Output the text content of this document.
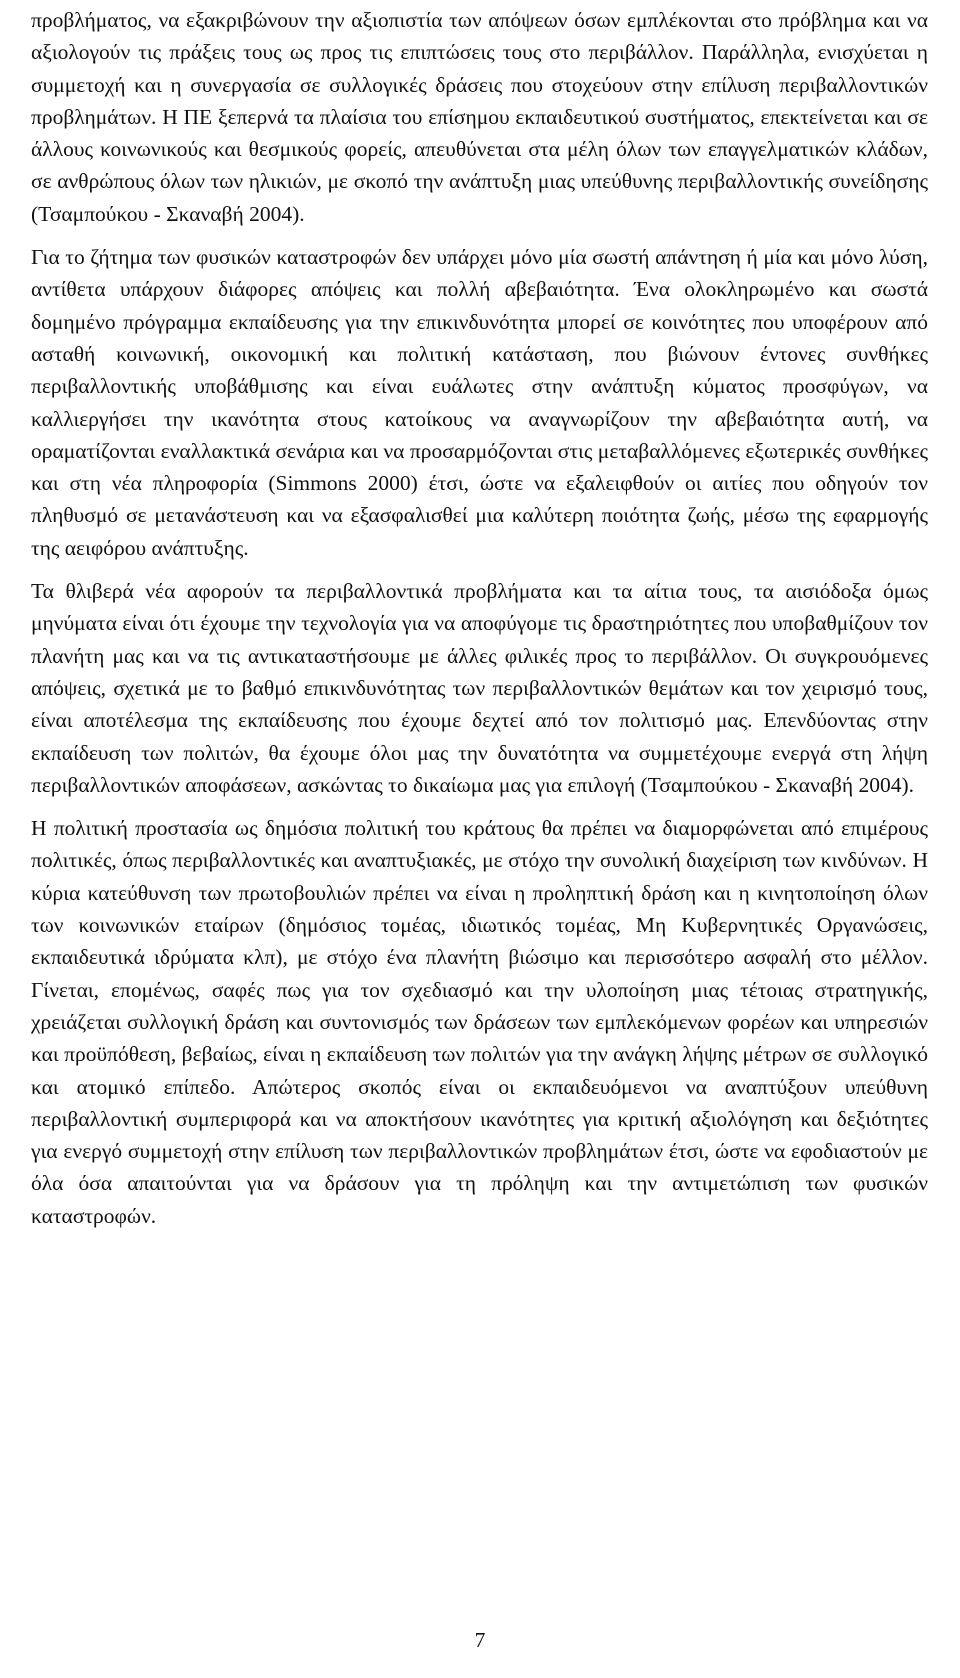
προβλήματος, να εξακριβώνουν την αξιοπιστία των απόψεων όσων εμπλέκονται στο πρόβλημα και να αξιολογούν τις πράξεις τους ως προς τις επιπτώσεις τους στο περιβάλλον. Παράλληλα, ενισχύεται η συμμετοχή και η συνεργασία σε συλλογικές δράσεις που στοχεύουν στην επίλυση περιβαλλοντικών προβλημάτων. Η ΠΕ ξεπερνά τα πλαίσια του επίσημου εκπαιδευτικού συστήματος, επεκτείνεται και σε άλλους κοινωνικούς και θεσμικούς φορείς, απευθύνεται στα μέλη όλων των επαγγελματικών κλάδων, σε ανθρώπους όλων των ηλικιών, με σκοπό την ανάπτυξη μιας υπεύθυνης περιβαλλοντικής συνείδησης (Τσαμπούκου - Σκαναβή 2004).

Για το ζήτημα των φυσικών καταστροφών δεν υπάρχει μόνο μία σωστή απάντηση ή μία και μόνο λύση, αντίθετα υπάρχουν διάφορες απόψεις και πολλή αβεβαιότητα. Ένα ολοκληρωμένο και σωστά δομημένο πρόγραμμα εκπαίδευσης για την επικινδυνότητα μπορεί σε κοινότητες που υποφέρουν από ασταθή κοινωνική, οικονομική και πολιτική κατάσταση, που βιώνουν έντονες συνθήκες περιβαλλοντικής υποβάθμισης και είναι ευάλωτες στην ανάπτυξη κύματος προσφύγων, να καλλιεργήσει την ικανότητα στους κατοίκους να αναγνωρίζουν την αβεβαιότητα αυτή, να οραματίζονται εναλλακτικά σενάρια και να προσαρμόζονται στις μεταβαλλόμενες εξωτερικές συνθήκες και στη νέα πληροφορία (Simmons 2000) έτσι, ώστε να εξαλειφθούν οι αιτίες που οδηγούν τον πληθυσμό σε μετανάστευση και να εξασφαλισθεί μια καλύτερη ποιότητα ζωής, μέσω της εφαρμογής της αειφόρου ανάπτυξης.

Τα θλιβερά νέα αφορούν τα περιβαλλοντικά προβλήματα και τα αίτια τους, τα αισιόδοξα όμως μηνύματα είναι ότι έχουμε την τεχνολογία για να αποφύγομε τις δραστηριότητες που υποβαθμίζουν τον πλανήτη μας και να τις αντικαταστήσουμε με άλλες φιλικές προς το περιβάλλον. Οι συγκρουόμενες απόψεις, σχετικά με το βαθμό επικινδυνότητας των περιβαλλοντικών θεμάτων και τον χειρισμό τους, είναι αποτέλεσμα της εκπαίδευσης που έχουμε δεχτεί από τον πολιτισμό μας. Επενδύοντας στην εκπαίδευση των πολιτών, θα έχουμε όλοι μας την δυνατότητα να συμμετέχουμε ενεργά στη λήψη περιβαλλοντικών αποφάσεων, ασκώντας το δικαίωμα μας για επιλογή (Τσαμπούκου - Σκαναβή 2004).

Η πολιτική προστασία ως δημόσια πολιτική του κράτους θα πρέπει να διαμορφώνεται από επιμέρους πολιτικές, όπως περιβαλλοντικές και αναπτυξιακές, με στόχο την συνολική διαχείριση των κινδύνων. Η κύρια κατεύθυνση των πρωτοβουλιών πρέπει να είναι η προληπτική δράση και η κινητοποίηση όλων των κοινωνικών εταίρων (δημόσιος τομέας, ιδιωτικός τομέας, Μη Κυβερνητικές Οργανώσεις, εκπαιδευτικά ιδρύματα κλπ), με στόχο ένα πλανήτη βιώσιμο και περισσότερο ασφαλή στο μέλλον. Γίνεται, επομένως, σαφές πως για τον σχεδιασμό και την υλοποίηση μιας τέτοιας στρατηγικής, χρειάζεται συλλογική δράση και συντονισμός των δράσεων των εμπλεκόμενων φορέων και υπηρεσιών και προϋπόθεση, βεβαίως, είναι η εκπαίδευση των πολιτών για την ανάγκη λήψης μέτρων σε συλλογικό και ατομικό επίπεδο. Απώτερος σκοπός είναι οι εκπαιδευόμενοι να αναπτύξουν υπεύθυνη περιβαλλοντική συμπεριφορά και να αποκτήσουν ικανότητες για κριτική αξιολόγηση και δεξιότητες για ενεργό συμμετοχή στην επίλυση των περιβαλλοντικών προβλημάτων έτσι, ώστε να εφοδιαστούν με όλα όσα απαιτούνται για να δράσουν για τη πρόληψη και την αντιμετώπιση των φυσικών καταστροφών.

7
